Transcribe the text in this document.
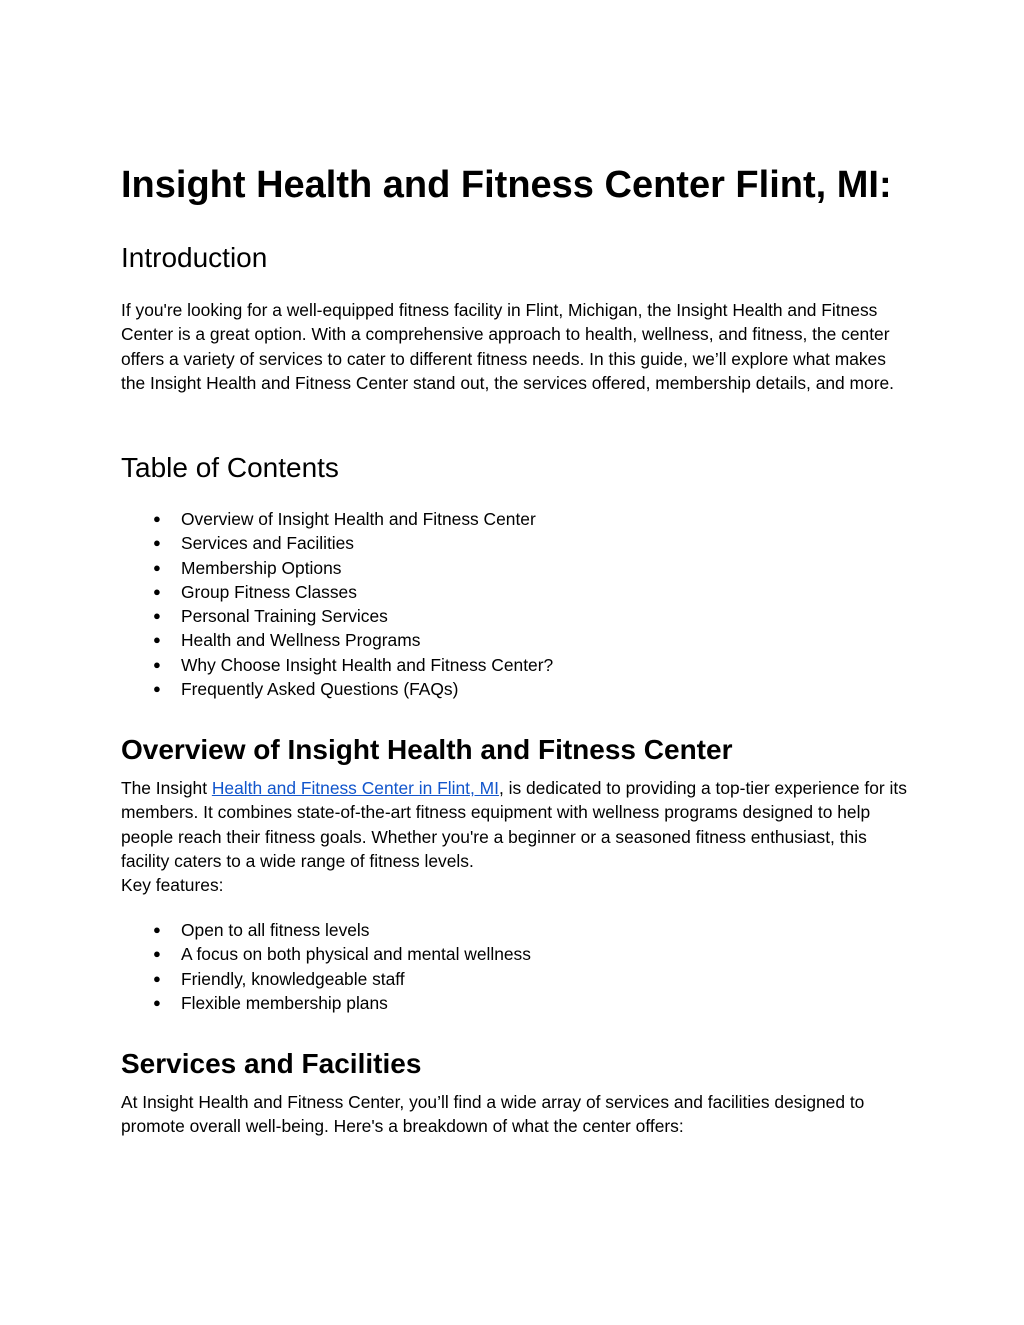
Insight Health and Fitness Center Flint, MI:
Introduction

If you're looking for a well-equipped fitness facility in Flint, Michigan, the Insight Health and Fitness Center is a great option. With a comprehensive approach to health, wellness, and fitness, the center offers a variety of services to cater to different fitness needs. In this guide, we’ll explore what makes the Insight Health and Fitness Center stand out, the services offered, membership details, and more.

Table of Contents
● Overview of Insight Health and Fitness Center
● Services and Facilities
● Membership Options
● Group Fitness Classes
● Personal Training Services
● Health and Wellness Programs
● Why Choose Insight Health and Fitness Center?
● Frequently Asked Questions (FAQs)
Overview of Insight Health and Fitness Center

The Insight Health and Fitness Center in Flint, MI, is dedicated to providing a top-tier experience for its members. It combines state-of-the-art fitness equipment with wellness programs designed to help people reach their fitness goals. Whether you're a beginner or a seasoned fitness enthusiast, this facility caters to a wide range of fitness levels.
Key features:

● Open to all fitness levels
● A focus on both physical and mental wellness
● Friendly, knowledgeable staff
● Flexible membership plans
Services and Facilities

At Insight Health and Fitness Center, you’ll find a wide array of services and facilities designed to promote overall well-being. Here's a breakdown of what the center offers:
